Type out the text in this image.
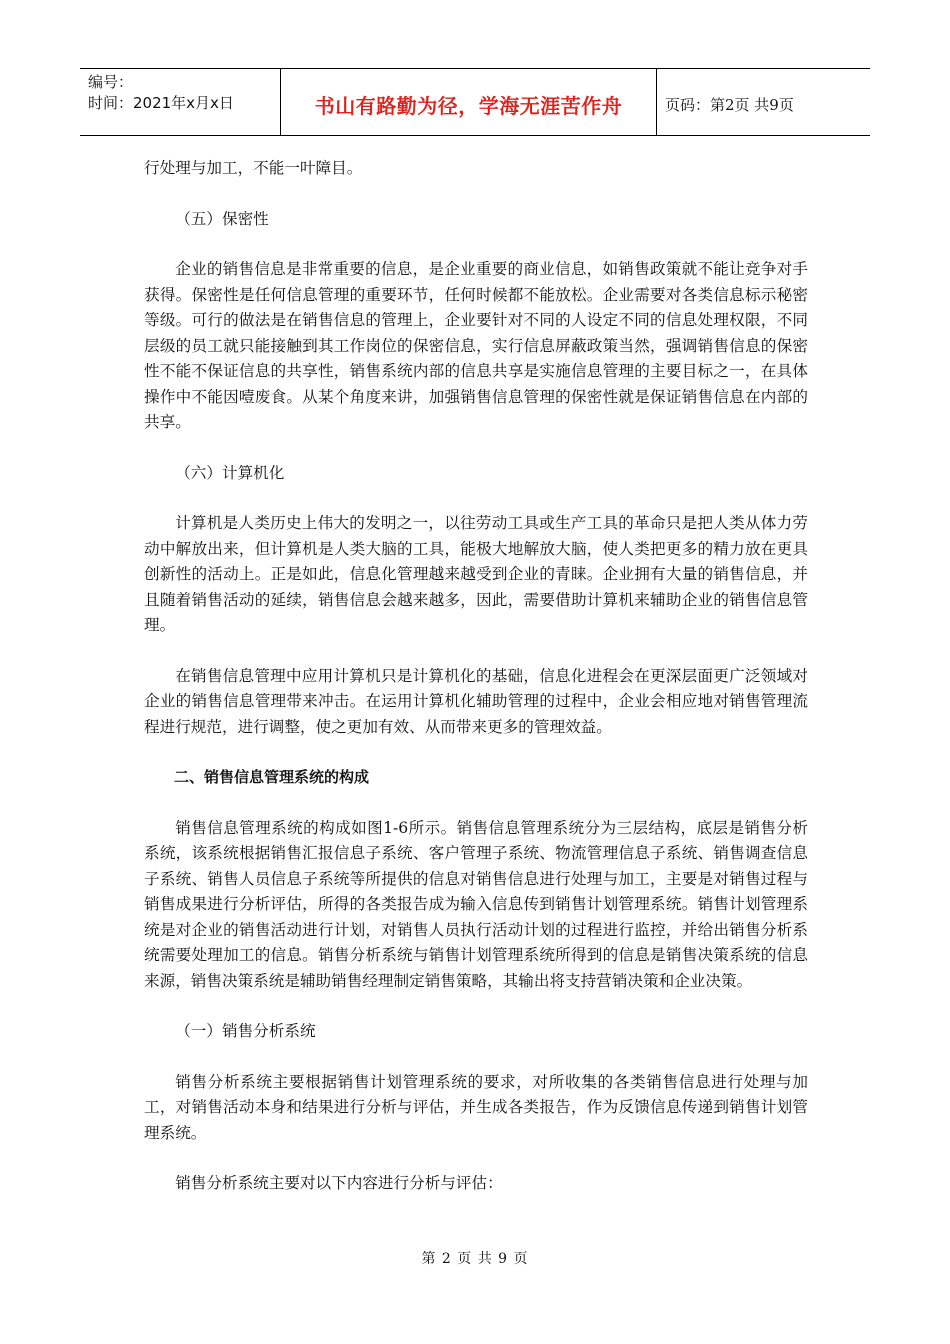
编号：
时间：2021年x月x日	书山有路勤为径，学海无涯苦作舟	页码：第2页 共9页

行处理与加工，不能一叶障目。

（五）保密性

企业的销售信息是非常重要的信息，是企业重要的商业信息，如销售政策就不能让竞争对手获得。保密性是任何信息管理的重要环节，任何时候都不能放松。企业需要对各类信息标示秘密等级。可行的做法是在销售信息的管理上，企业要针对不同的人设定不同的信息处理权限，不同层级的员工就只能接触到其工作岗位的保密信息，实行信息屏蔽政策当然，强调销售信息的保密性不能不保证信息的共享性，销售系统内部的信息共享是实施信息管理的主要目标之一，在具体操作中不能因噎废食。从某个角度来讲，加强销售信息管理的保密性就是保证销售信息在内部的共享。

（六）计算机化

计算机是人类历史上伟大的发明之一，以往劳动工具或生产工具的革命只是把人类从体力劳动中解放出来，但计算机是人类大脑的工具，能极大地解放大脑，使人类把更多的精力放在更具创新性的活动上。正是如此，信息化管理越来越受到企业的青睐。企业拥有大量的销售信息，并且随着销售活动的延续，销售信息会越来越多，因此，需要借助计算机来辅助企业的销售信息管理。

在销售信息管理中应用计算机只是计算机化的基础，信息化进程会在更深层面更广泛领域对企业的销售信息管理带来冲击。在运用计算机化辅助管理的过程中，企业会相应地对销售管理流程进行规范，进行调整，使之更加有效、从而带来更多的管理效益。

二、销售信息管理系统的构成

销售信息管理系统的构成如图1-6所示。销售信息管理系统分为三层结构，底层是销售分析系统，该系统根据销售汇报信息子系统、客户管理子系统、物流管理信息子系统、销售调查信息子系统、销售人员信息子系统等所提供的信息对销售信息进行处理与加工，主要是对销售过程与销售成果进行分析评估，所得的各类报告成为输入信息传到销售计划管理系统。销售计划管理系统是对企业的销售活动进行计划，对销售人员执行活动计划的过程进行监控，并给出销售分析系统需要处理加工的信息。销售分析系统与销售计划管理系统所得到的信息是销售决策系统的信息来源，销售决策系统是辅助销售经理制定销售策略，其输出将支持营销决策和企业决策。

（一）销售分析系统

销售分析系统主要根据销售计划管理系统的要求，对所收集的各类销售信息进行处理与加工，对销售活动本身和结果进行分析与评估，并生成各类报告，作为反馈信息传递到销售计划管理系统。

销售分析系统主要对以下内容进行分析与评估：

第 2 页 共 9 页
